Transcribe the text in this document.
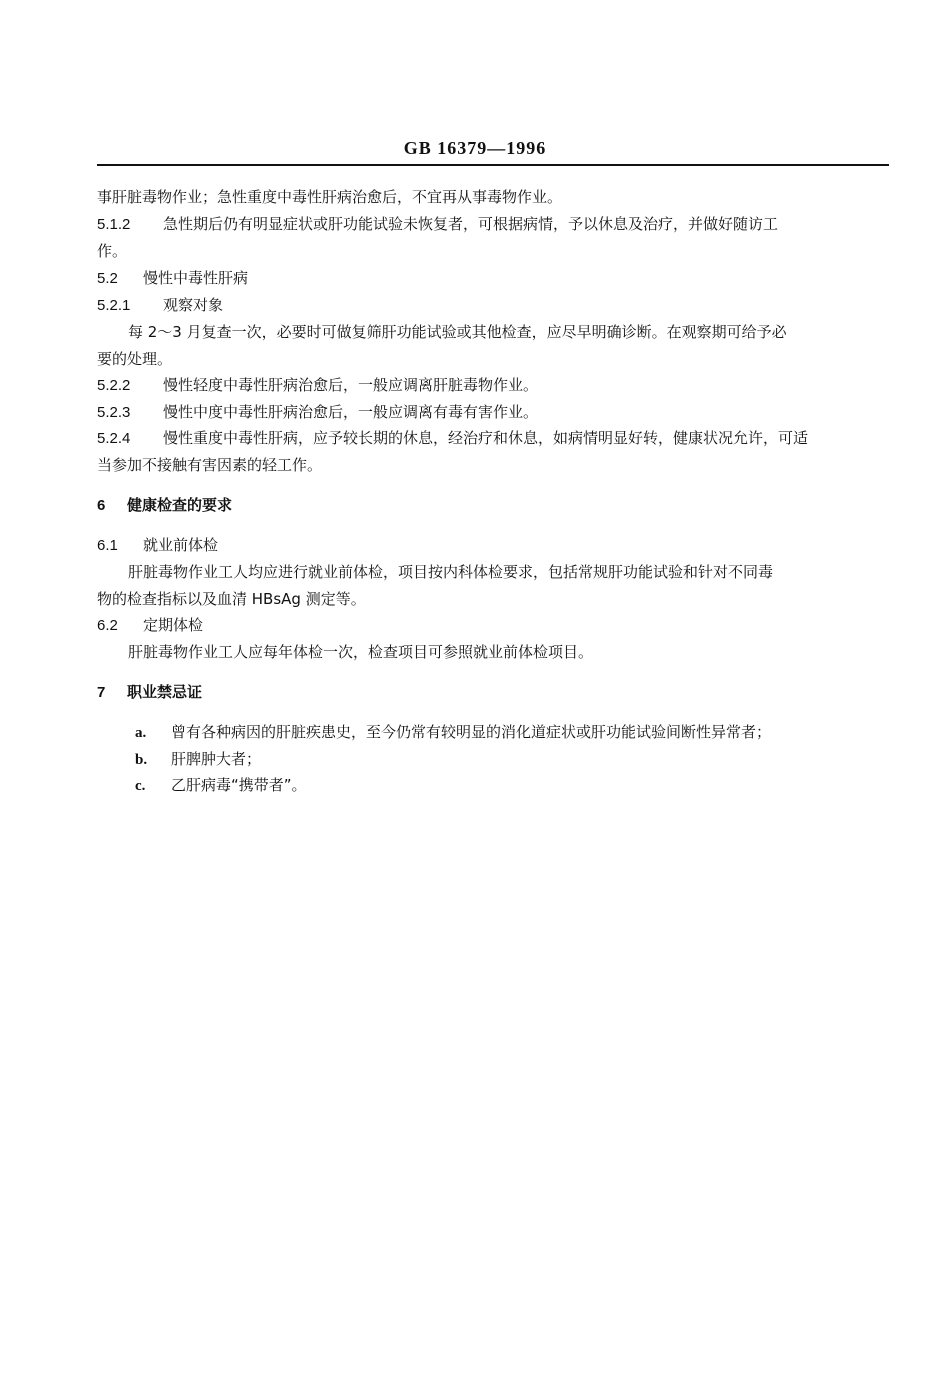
GB 16379—1996
事肝脏毒物作业；急性重度中毒性肝病治愈后，不宜再从事毒物作业。
5.1.2 急性期后仍有明显症状或肝功能试验未恢复者，可根据病情，予以休息及治疗，并做好随访工
作。
5.2 慢性中毒性肝病
5.2.1 观察对象
每 2～3 月复查一次，必要时可做复筛肝功能试验或其他检查，应尽早明确诊断。在观察期可给予必
要的处理。
5.2.2 慢性轻度中毒性肝病治愈后，一般应调离肝脏毒物作业。
5.2.3 慢性中度中毒性肝病治愈后，一般应调离有毒有害作业。
5.2.4 慢性重度中毒性肝病，应予较长期的休息，经治疗和休息，如病情明显好转，健康状况允许，可适
当参加不接触有害因素的轻工作。
6 健康检查的要求
6.1 就业前体检
肝脏毒物作业工人均应进行就业前体检，项目按内科体检要求，包括常规肝功能试验和针对不同毒
物的检查指标以及血清 HBsAg 测定等。
6.2 定期体检
肝脏毒物作业工人应每年体检一次，检查项目可参照就业前体检项目。
7 职业禁忌证
a. 曾有各种病因的肝脏疾患史，至今仍常有较明显的消化道症状或肝功能试验间断性异常者；
b. 肝脾肿大者；
c. 乙肝病毒“携带者”。
